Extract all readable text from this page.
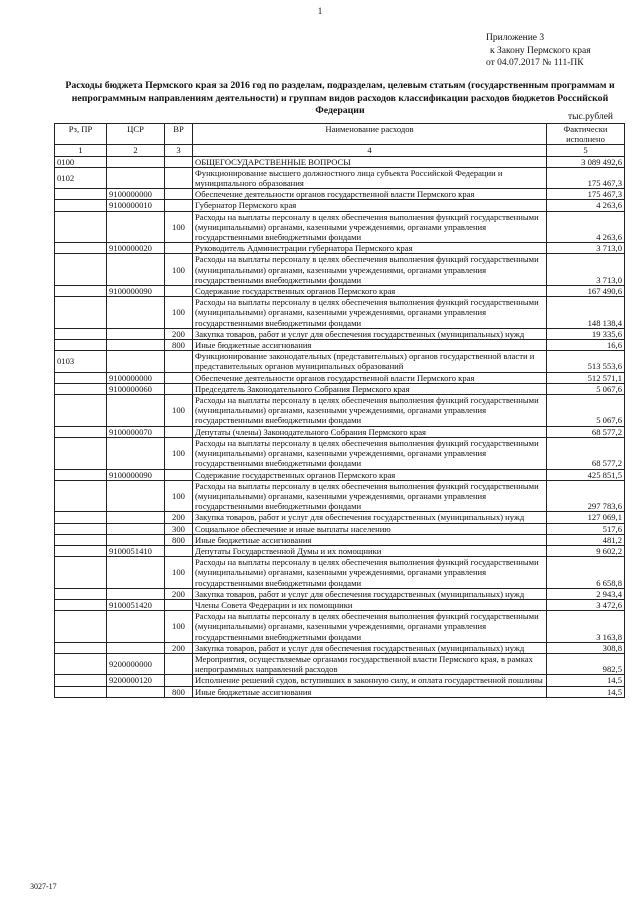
1
Приложение 3
к Закону Пермского края
от 04.07.2017 № 111-ПК
Расходы бюджета Пермского края за 2016 год по разделам, подразделам, целевым статьям (государственным программам и непрограммным направлениям деятельности) и группам видов расходов классификации расходов бюджетов Российской Федерации
тыс.рублей
Рз, ПР	ЦСР	ВР	Наименование расходов	Фактически исполнено
1	2	3	4	5
0100			ОБЩЕГОСУДАРСТВЕННЫЕ ВОПРОСЫ	3 089 492,6
0102			Функционирование высшего должностного лица субъекта Российской Федерации и муниципального образования	175 467,3
	9100000000		Обеспечение деятельности органов государственной власти Пермского края	175 467,3
	9100000010		Губернатор Пермского края	4 263,6
		100	Расходы на выплаты персоналу в целях обеспечения выполнения функций государственными (муниципальными) органами, казенными учреждениями, органами управления государственными внебюджетными фондами	4 263,6
	9100000020		Руководитель Администрации губернатора Пермского края	3 713,0
		100	Расходы на выплаты персоналу в целях обеспечения выполнения функций государственными (муниципальными) органами, казенными учреждениями, органами управления государственными внебюджетными фондами	3 713,0
	9100000090		Содержание государственных органов Пермского края	167 490,6
		100	Расходы на выплаты персоналу в целях обеспечения выполнения функций государственными (муниципальными) органами, казенными учреждениями, органами управления государственными внебюджетными фондами	148 138,4
		200	Закупка товаров, работ и услуг для обеспечения государственных (муниципальных) нужд	19 335,6
		800	Иные бюджетные ассигнования	16,6
0103			Функционирование законодательных (представительных) органов государственной власти и представительных органов муниципальных образований	513 553,6
	9100000000		Обеспечение деятельности органов государственной власти Пермского края	512 571,1
	9100000060		Председатель Законодательного Собрания Пермского края	5 067,6
		100	Расходы на выплаты персоналу в целях обеспечения выполнения функций государственными (муниципальными) органами, казенными учреждениями, органами управления государственными внебюджетными фондами	5 067,6
	9100000070		Депутаты (члены) Законодательного Собрания Пермского края	68 577,2
		100	Расходы на выплаты персоналу в целях обеспечения выполнения функций государственными (муниципальными) органами, казенными учреждениями, органами управления государственными внебюджетными фондами	68 577,2
	9100000090		Содержание государственных органов Пермского края	425 851,5
		100	Расходы на выплаты персоналу в целях обеспечения выполнения функций государственными (муниципальными) органами, казенными учреждениями, органами управления государственными внебюджетными фондами	297 783,6
		200	Закупка товаров, работ и услуг для обеспечения государственных (муниципальных) нужд	127 069,1
		300	Социальное обеспечение и иные выплаты населению	517,6
		800	Иные бюджетные ассигнования	481,2
	9100051410		Депутаты Государственной Думы и их помощники	9 602,2
		100	Расходы на выплаты персоналу в целях обеспечения выполнения функций государственными (муниципальными) органами, казенными учреждениями, органами управления государственными внебюджетными фондами	6 658,8
		200	Закупка товаров, работ и услуг для обеспечения государственных (муниципальных) нужд	2 943,4
	9100051420		Члены Совета Федерации и их помощники	3 472,6
		100	Расходы на выплаты персоналу в целях обеспечения выполнения функций государственными (муниципальными) органами, казенными учреждениями, органами управления государственными внебюджетными фондами	3 163,8
		200	Закупка товаров, работ и услуг для обеспечения государственных (муниципальных) нужд	308,8
	9200000000		Мероприятия, осуществляемые органами государственной власти Пермского края, в рамках непрограммных направлений расходов	982,5
	9200000120		Исполнение решений судов, вступивших в законную силу, и оплата государственной пошлины	14,5
		800	Иные бюджетные ассигнования	14,5
3027-17
